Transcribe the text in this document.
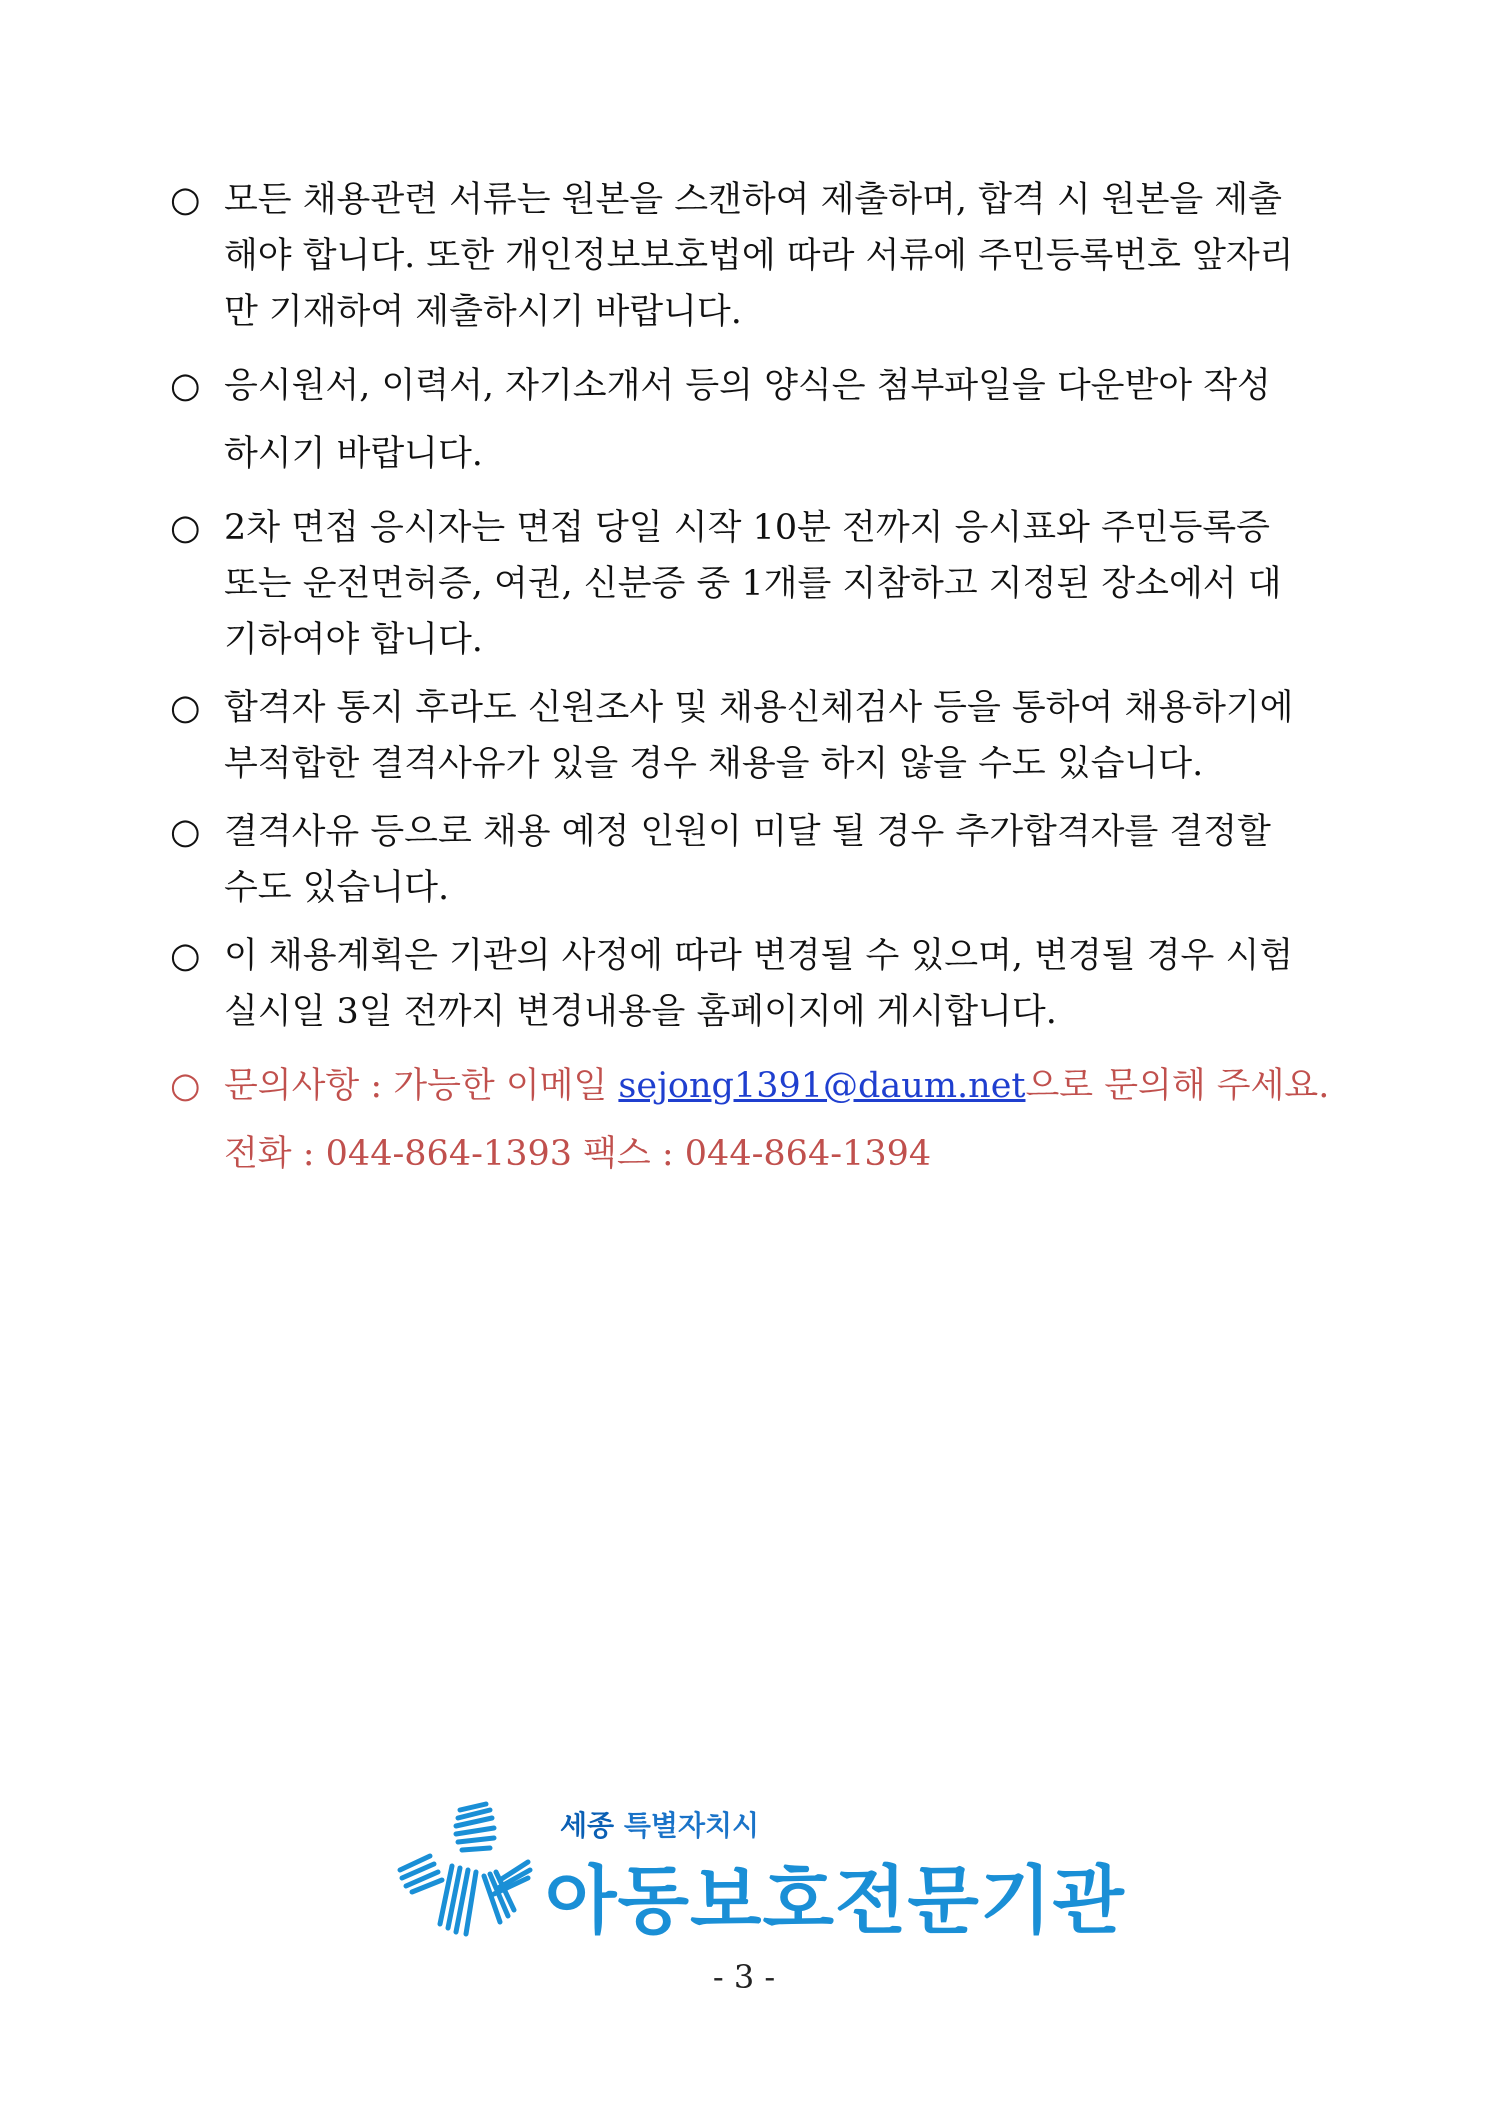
○ 모든 채용관련 서류는 원본을 스캔하여 제출하며, 합격 시 원본을 제출
해야 합니다. 또한 개인정보보호법에 따라 서류에 주민등록번호 앞자리
만 기재하여 제출하시기 바랍니다.
○ 응시원서, 이력서, 자기소개서 등의 양식은 첨부파일을 다운받아 작성
하시기 바랍니다.
○ 2차 면접 응시자는 면접 당일 시작 10분 전까지 응시표와 주민등록증
또는 운전면허증, 여권, 신분증 중 1개를 지참하고 지정된 장소에서 대
기하여야 합니다.
○ 합격자 통지 후라도 신원조사 및 채용신체검사 등을 통하여 채용하기에
부적합한 결격사유가 있을 경우 채용을 하지 않을 수도 있습니다.
○ 결격사유 등으로 채용 예정 인원이 미달 될 경우 추가합격자를 결정할
수도 있습니다.
○ 이 채용계획은 기관의 사정에 따라 변경될 수 있으며, 변경될 경우 시험
실시일 3일 전까지 변경내용을 홈페이지에 게시합니다.
○ 문의사항 : 가능한 이메일 sejong1391@daum.net으로 문의해 주세요.
전화 : 044-864-1393 팩스 : 044-864-1394
세종 특별자치시
아동보호전문기관
- 3 -
